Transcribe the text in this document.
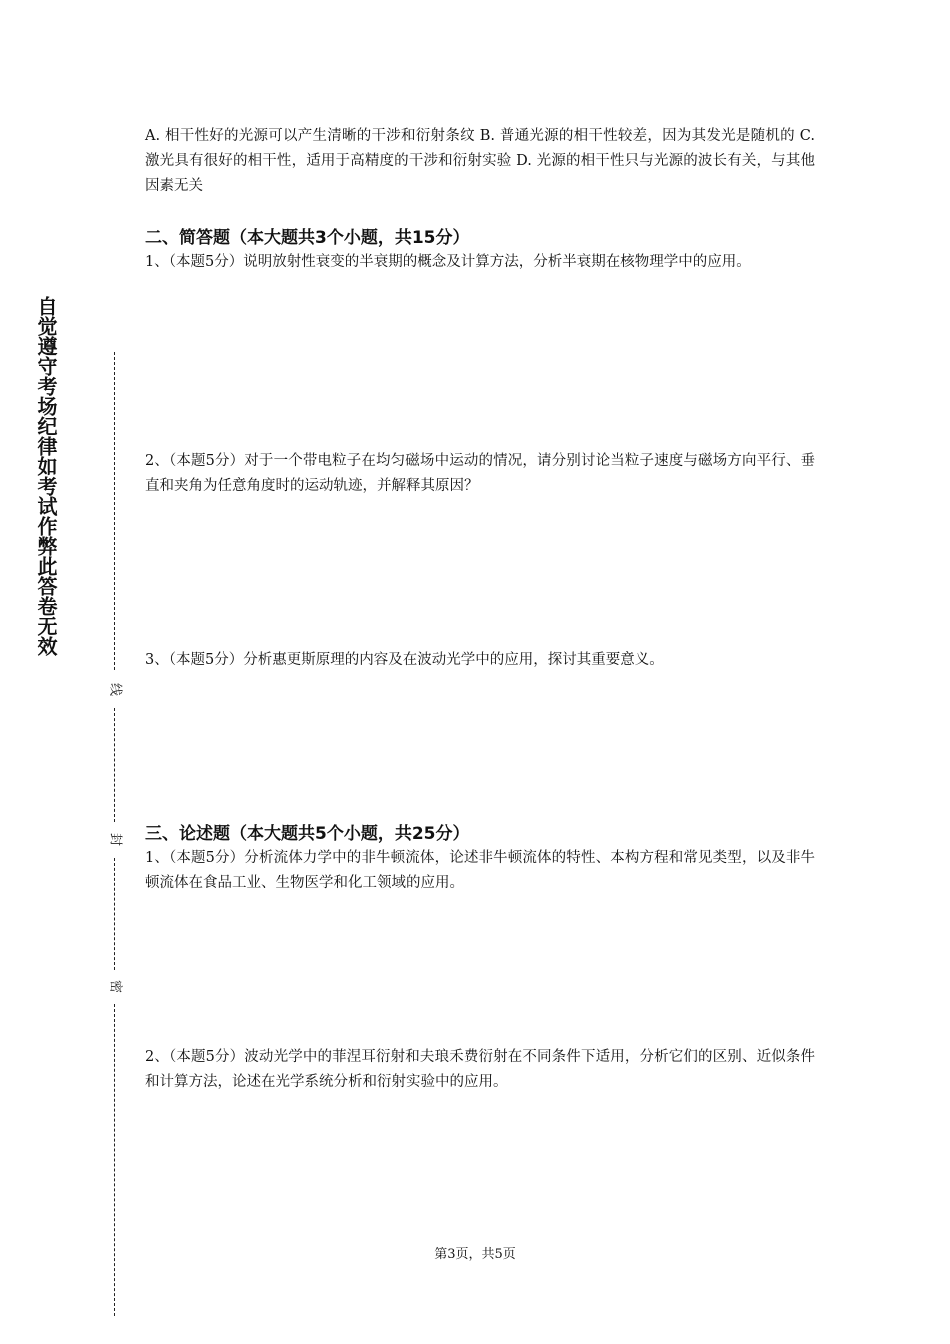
自觉遵守考场纪律如考试作弊此答卷无效
线
封
密

A. 相干性好的光源可以产生清晰的干涉和衍射条纹 B. 普通光源的相干性较差，因为其发光是随机的 C. 激光具有很好的相干性，适用于高精度的干涉和衍射实验 D. 光源的相干性只与光源的波长有关，与其他因素无关

二、简答题（本大题共3个小题，共15分）

1、（本题5分）说明放射性衰变的半衰期的概念及计算方法，分析半衰期在核物理学中的应用。

2、（本题5分）对于一个带电粒子在均匀磁场中运动的情况，请分别讨论当粒子速度与磁场方向平行、垂直和夹角为任意角度时的运动轨迹，并解释其原因？

3、（本题5分）分析惠更斯原理的内容及在波动光学中的应用，探讨其重要意义。

三、论述题（本大题共5个小题，共25分）

1、（本题5分）分析流体力学中的非牛顿流体，论述非牛顿流体的特性、本构方程和常见类型，以及非牛顿流体在食品工业、生物医学和化工领域的应用。

2、（本题5分）波动光学中的菲涅耳衍射和夫琅禾费衍射在不同条件下适用，分析它们的区别、近似条件和计算方法，论述在光学系统分析和衍射实验中的应用。

第3页，共5页
